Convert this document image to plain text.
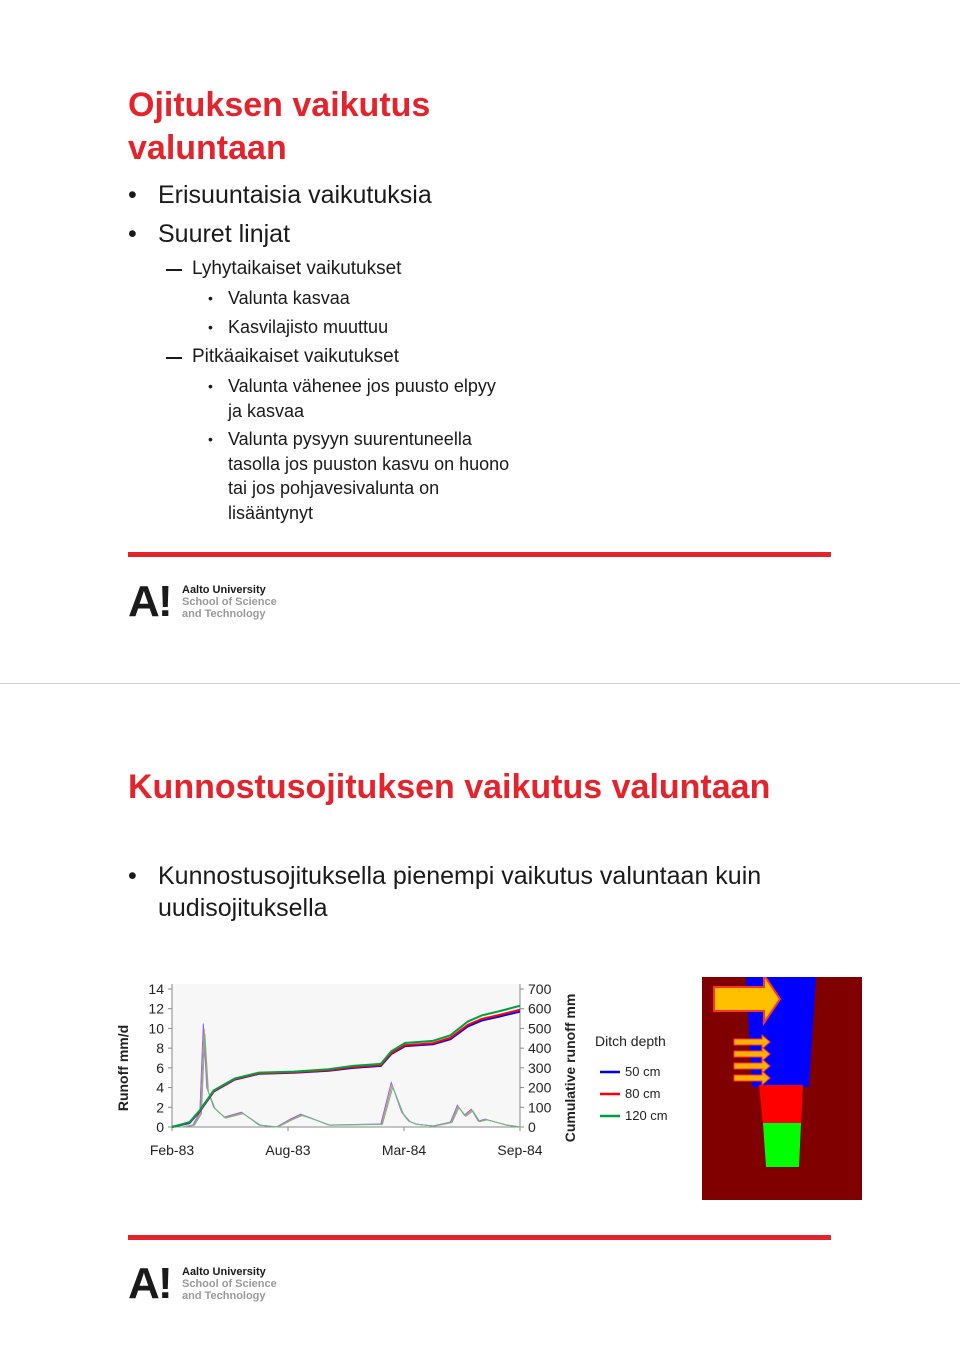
Ojituksen vaikutus
valuntaan
• Erisuuntaisia vaikutuksia
• Suuret linjat
Lyhytaikaiset vaikutukset
• Valunta kasvaa
• Kasvilajisto muuttuu
Pitkäaikaiset vaikutukset
• Valunta vähenee jos puusto elpyy ja kasvaa
• Valunta pysyyn suurentuneella tasolla jos puuston kasvu on huono tai jos pohjavesivalunta on lisääntynyt
A
! Aalto University
School of Science
and Technology
Kunnostusojituksen vaikutus valuntaan
• Kunnostusojituksella pienempi vaikutus valuntaan kuin uudisojituksella
0
2
4
6
8
10
12
14
0
100
200
300
400
500
600
700
Feb-83	Aug-83	Mar-84	Sep-84
Runoff mm/d	Cumulative runoff mm Ditch depth
50 cm
80 cm
120 cm
A
! Aalto University
School of Science
and Technology
